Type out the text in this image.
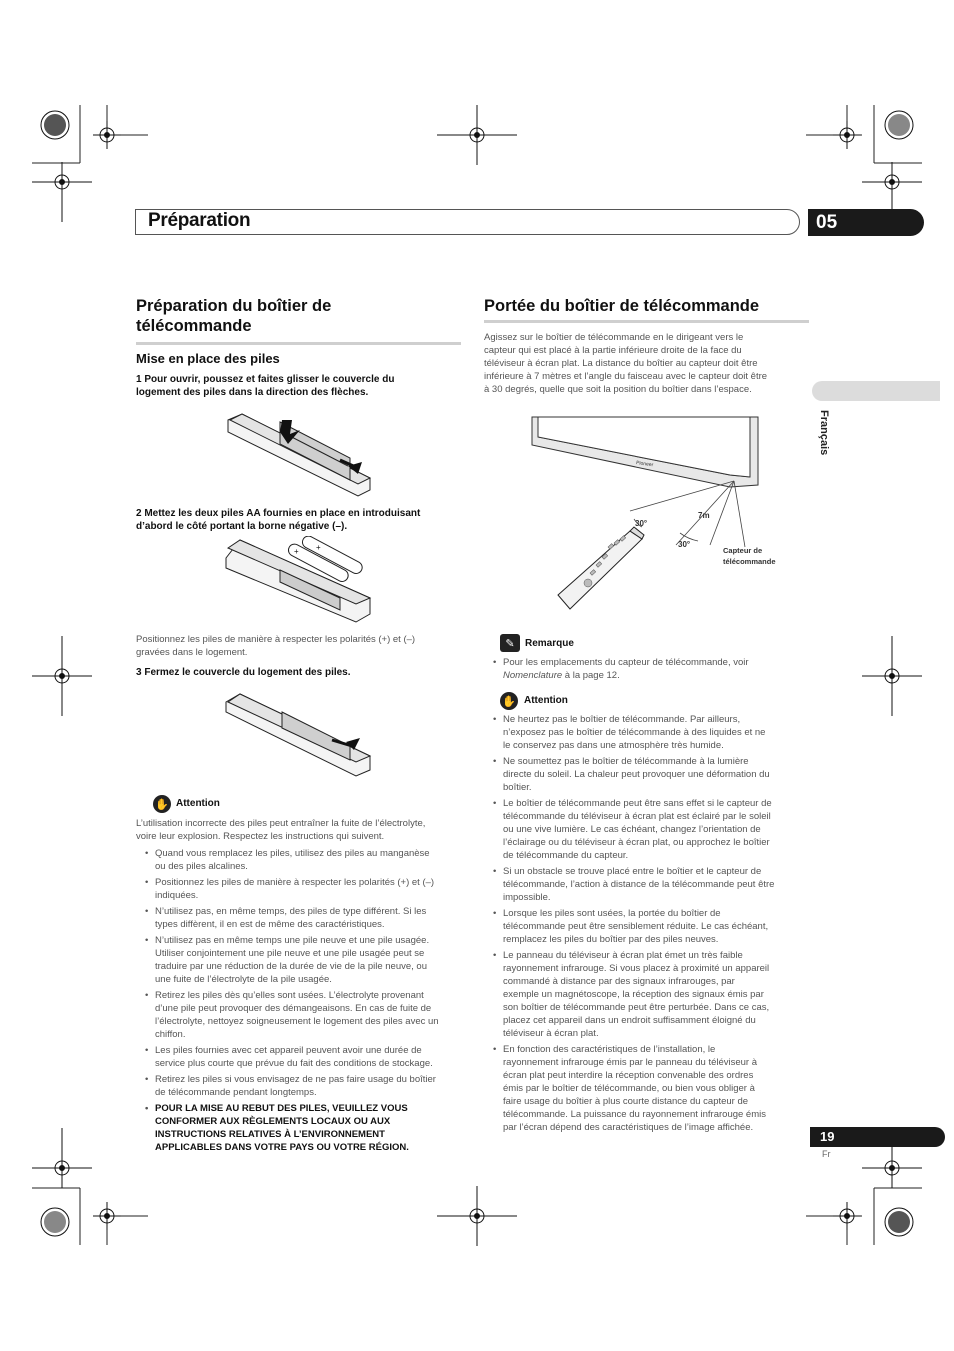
Préparation	05
Français
Préparation du boîtier de
télécommande
Mise en place des piles
1 Pour ouvrir, poussez et faites glisser le couvercle du
logement des piles dans la direction des flèches.
2 Mettez les deux piles AA fournies en place en introduisant
d’abord le côté portant la borne négative (–).
+ +
Positionnez les piles de manière à respecter les polarités (+) et (–)
gravées dans le logement.
3 Fermez le couvercle du logement des piles.
✋ Attention
L’utilisation incorrecte des piles peut entraîner la fuite de l’électrolyte,
voire leur explosion. Respectez les instructions qui suivent.
• Quand vous remplacez les piles, utilisez des piles au manganèse
ou des piles alcalines.
• Positionnez les piles de manière à respecter les polarités (+) et (–)
indiquées.
• N’utilisez pas, en même temps, des piles de type différent. Si les
types diffèrent, il en est de même des caractéristiques.
• N’utilisez pas en même temps une pile neuve et une pile usagée.
Utiliser conjointement une pile neuve et une pile usagée peut se
traduire par une réduction de la durée de vie de la pile neuve, ou
une fuite de l’électrolyte de la pile usagée.
• Retirez les piles dès qu’elles sont usées. L’électrolyte provenant
d’une pile peut provoquer des démangeaisons. En cas de fuite de
l’électrolyte, nettoyez soigneusement le logement des piles avec un
chiffon.
• Les piles fournies avec cet appareil peuvent avoir une durée de
service plus courte que prévue du fait des conditions de stockage.
• Retirez les piles si vous envisagez de ne pas faire usage du boîtier
de télécommande pendant longtemps.
• POUR LA MISE AU REBUT DES PILES, VEUILLEZ VOUS
CONFORMER AUX RÈGLEMENTS LOCAUX OU AUX
INSTRUCTIONS RELATIVES À L’ENVIRONNEMENT
APPLICABLES DANS VOTRE PAYS OU VOTRE RÉGION.
Portée du boîtier de télécommande
Agissez sur le boîtier de télécommande en le dirigeant vers le
capteur qui est placé à la partie inférieure droite de la face du
téléviseur à écran plat. La distance du boîtier au capteur doit être
inférieure à 7 mètres et l’angle du faisceau avec le capteur doit être
à 30 degrés, quelle que soit la position du boîtier dans l’espace.
Pioneer
30°
7m
30°
Capteur de
télécommande
✎	Remarque
• Pour les emplacements du capteur de télécommande, voir
Nomenclature à la page 12.
✋ Attention
• Ne heurtez pas le boîtier de télécommande. Par ailleurs,
n’exposez pas le boîtier de télécommande à des liquides et ne
le conservez pas dans une atmosphère très humide.
• Ne soumettez pas le boîtier de télécommande à la lumière
directe du soleil. La chaleur peut provoquer une déformation du
boîtier.
• Le boîtier de télécommande peut être sans effet si le capteur de
télécommande du téléviseur à écran plat est éclairé par le soleil
ou une vive lumière. Le cas échéant, changez l’orientation de
l’éclairage ou du téléviseur à écran plat, ou approchez le boîtier
de télécommande du capteur.
• Si un obstacle se trouve placé entre le boîtier et le capteur de
télécommande, l’action à distance de la télécommande peut être
impossible.
• Lorsque les piles sont usées, la portée du boîtier de
télécommande peut être sensiblement réduite. Le cas échéant,
remplacez les piles du boîtier par des piles neuves.
• Le panneau du téléviseur à écran plat émet un très faible
rayonnement infrarouge. Si vous placez à proximité un appareil
commandé à distance par des signaux infrarouges, par
exemple un magnétoscope, la réception des signaux émis par
son boîtier de télécommande peut être perturbée. Dans ce cas,
placez cet appareil dans un endroit suffisamment éloigné du
téléviseur à écran plat.
• En fonction des caractéristiques de l’installation, le
rayonnement infrarouge émis par le panneau du téléviseur à
écran plat peut interdire la réception convenable des ordres
émis par le boîtier de télécommande, ou bien vous obliger à
faire usage du boîtier à plus courte distance du capteur de
télécommande. La puissance du rayonnement infrarouge émis
par l’écran dépend des caractéristiques de l’image affichée.
19
Fr
